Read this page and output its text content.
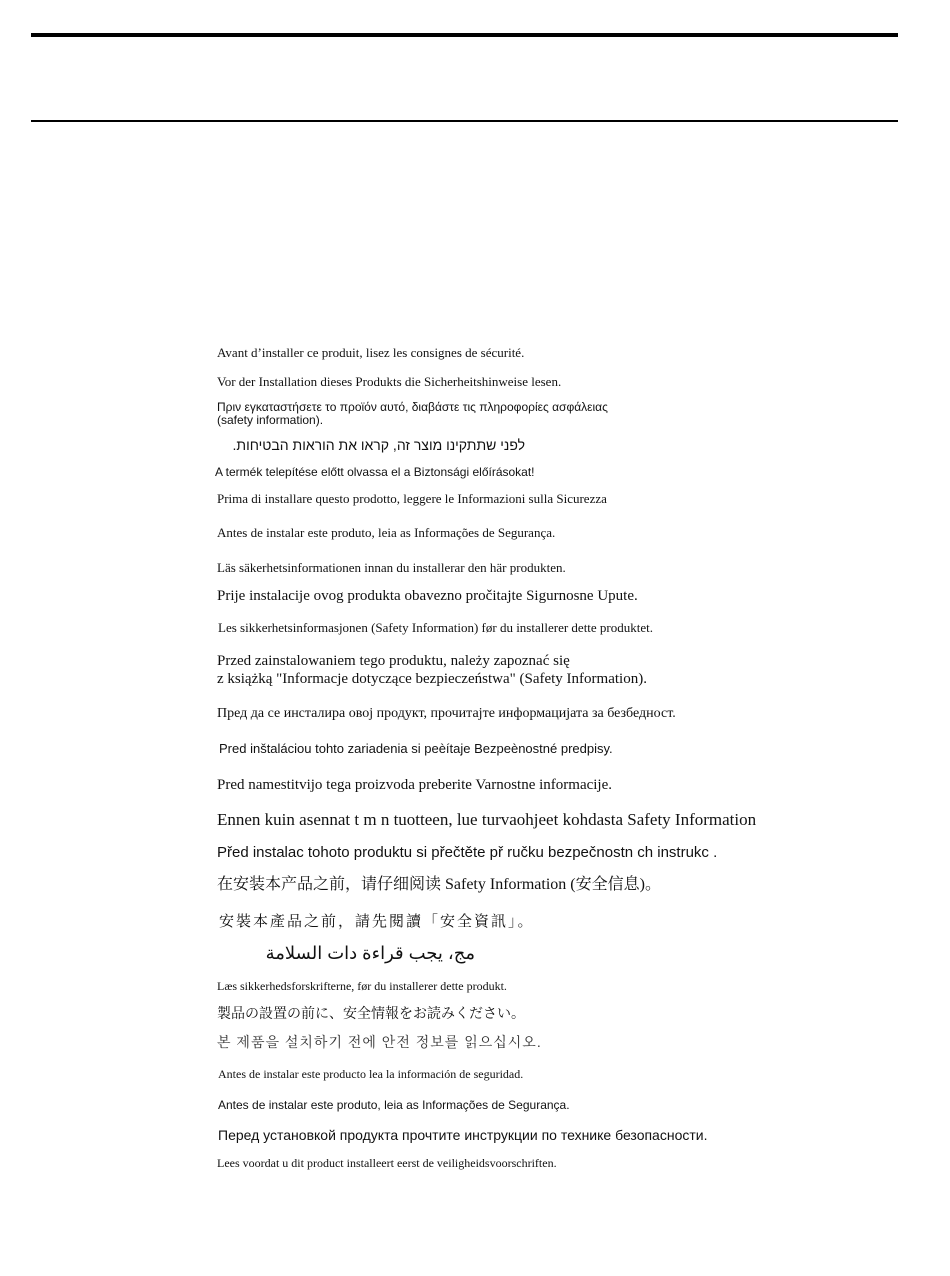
Avant d’installer ce produit, lisez les consignes de sécurité.
Vor der Installation dieses Produkts die Sicherheitshinweise lesen.
Πριν εγκαταστήσετε το προϊόν αυτό, διαβάστε τις πληροφορίες ασφάλειας
(safety information).
לפני שתתקינו מוצר זה, קראו את הוראות הבטיחות.
A termék telepítése előtt olvassa el a Biztonsági előírásokat!
Prima di installare questo prodotto, leggere le Informazioni sulla Sicurezza
Antes de instalar este produto, leia as Informações de Segurança.
Läs säkerhetsinformationen innan du installerar den här produkten.
Prije instalacije ovog produkta obavezno pročitajte Sigurnosne Upute.
Les sikkerhetsinformasjonen (Safety Information) før du installerer dette produktet.
Przed zainstalowaniem tego produktu, należy zapoznać się
z książką "Informacje dotyczące bezpieczeństwa" (Safety Information).
Пред да се инсталира овој продукт, прочитајте информацијата за безбедност.
Pred inštaláciou tohto zariadenia si peèítaje Bezpeènostné predpisy.
Pred namestitvijo tega proizvoda preberite Varnostne informacije.
Ennen kuin asennat t m n tuotteen, lue turvaohjeet kohdasta Safety Information
Před instalac tohoto produktu si přečtěte př ručku bezpečnostn ch instrukc .
在安装本产品之前，请仔细阅读 Safety Information (安全信息)。
安裝本產品之前，請先閱讀「安全資訊」。
مج، يجب قراءة دات السلامة
Læs sikkerhedsforskrifterne, før du installerer dette produkt.
製品の設置の前に、安全情報をお読みください。
본 제품을 설치하기 전에 안전 정보를 읽으십시오.
Antes de instalar este producto lea la información de seguridad.
Antes de instalar este produto, leia as Informações de Segurança.
Перед установкой продукта прочтите инструкции по технике безопасности.
Lees voordat u dit product installeert eerst de veiligheidsvoorschriften.
